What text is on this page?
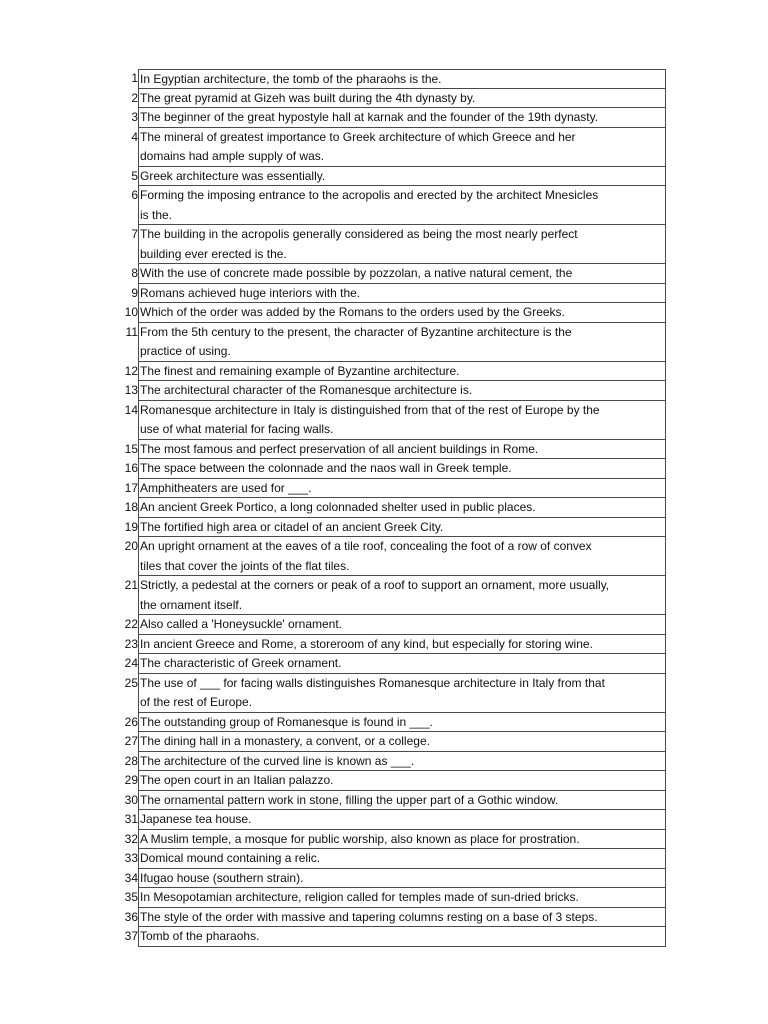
1 In Egyptian architecture, the tomb of the pharaohs is the.
2 The great pyramid at Gizeh was built during the 4th dynasty by.
3 The beginner of the great hypostyle hall at karnak and the founder of the 19th dynasty.
4 The mineral of greatest importance to Greek architecture of which Greece and her
domains had ample supply of was.
5 Greek architecture was essentially.
6 Forming the imposing entrance to the acropolis and erected by the architect Mnesicles
is the.
7 The building in the acropolis generally considered as being the most nearly perfect
building ever erected is the.
8 With the use of concrete made possible by pozzolan, a native natural cement, the
9 Romans achieved huge interiors with the.
10 Which of the order was added by the Romans to the orders used by the Greeks.
11 From the 5th century to the present, the character of Byzantine architecture is the
practice of using.
12 The finest and remaining example of Byzantine architecture.
13 The architectural character of the Romanesque architecture is.
14 Romanesque architecture in Italy is distinguished from that of the rest of Europe by the
use of what material for facing walls.
15 The most famous and perfect preservation of all ancient buildings in Rome.
16 The space between the colonnade and the naos wall in Greek temple.
17 Amphitheaters are used for ___.
18 An ancient Greek Portico, a long colonnaded shelter used in public places.
19 The fortified high area or citadel of an ancient Greek City.
20 An upright ornament at the eaves of a tile roof, concealing the foot of a row of convex
tiles that cover the joints of the flat tiles.
21 Strictly, a pedestal at the corners or peak of a roof to support an ornament, more usually,
the ornament itself.
22 Also called a 'Honeysuckle' ornament.
23 In ancient Greece and Rome, a storeroom of any kind, but especially for storing wine.
24 The characteristic of Greek ornament.
25 The use of ___ for facing walls distinguishes Romanesque architecture in Italy from that
of the rest of Europe.
26 The outstanding group of Romanesque is found in ___.
27 The dining hall in a monastery, a convent, or a college.
28 The architecture of the curved line is known as ___.
29 The open court in an Italian palazzo.
30 The ornamental pattern work in stone, filling the upper part of a Gothic window.
31 Japanese tea house.
32 A Muslim temple, a mosque for public worship, also known as place for prostration.
33 Domical mound containing a relic.
34 Ifugao house (southern strain).
35 In Mesopotamian architecture, religion called for temples made of sun-dried bricks.
36 The style of the order with massive and tapering columns resting on a base of 3 steps.
37 Tomb of the pharaohs.
